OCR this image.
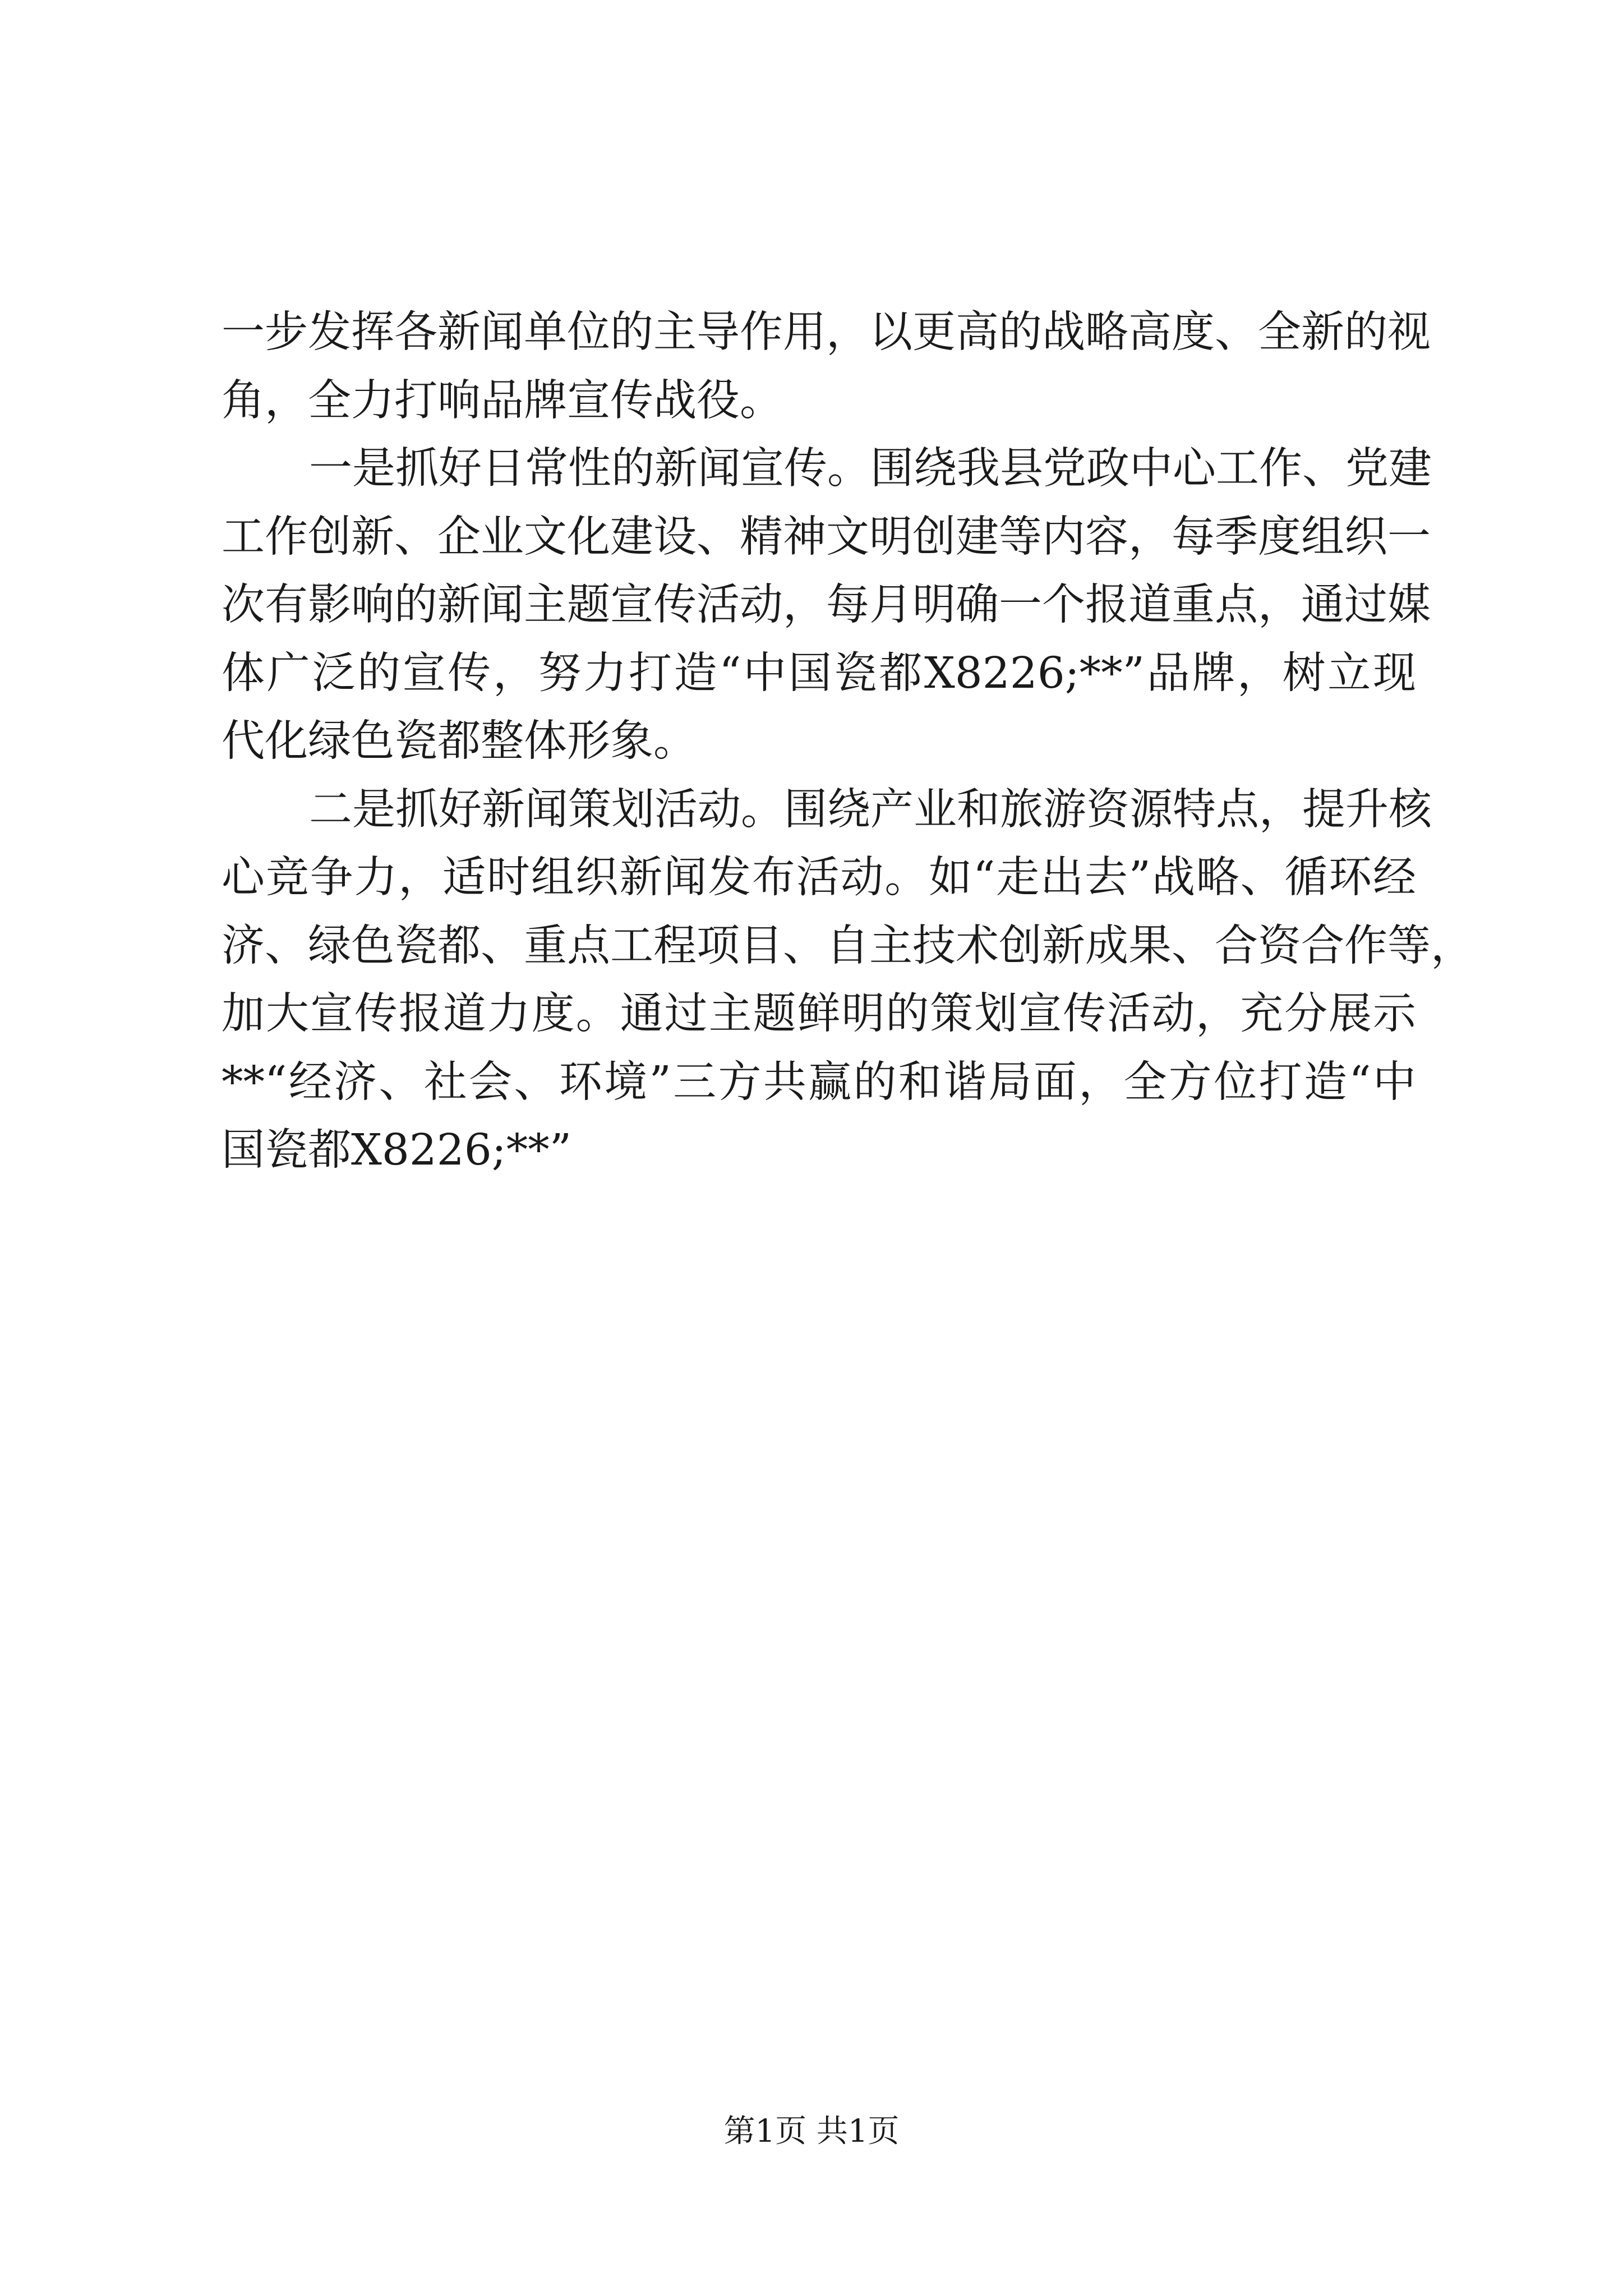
一步发挥各新闻单位的主导作用，以更高的战略高度、全新的视
角，全力打响品牌宣传战役。
一是抓好日常性的新闻宣传。围绕我县党政中心工作、党建
工作创新、企业文化建设、精神文明创建等内容，每季度组织一
次有影响的新闻主题宣传活动，每月明确一个报道重点，通过媒
体广泛的宣传，努力打造“中国瓷都X8226;**”品牌，树立现
代化绿色瓷都整体形象。
二是抓好新闻策划活动。围绕产业和旅游资源特点，提升核
心竞争力，适时组织新闻发布活动。如“走出去”战略、循环经
济、绿色瓷都、重点工程项目、自主技术创新成果、合资合作等，
加大宣传报道力度。通过主题鲜明的策划宣传活动，充分展示
**“经济、社会、环境”三方共赢的和谐局面，全方位打造“中
国瓷都X8226;**”
第1页 共1页
